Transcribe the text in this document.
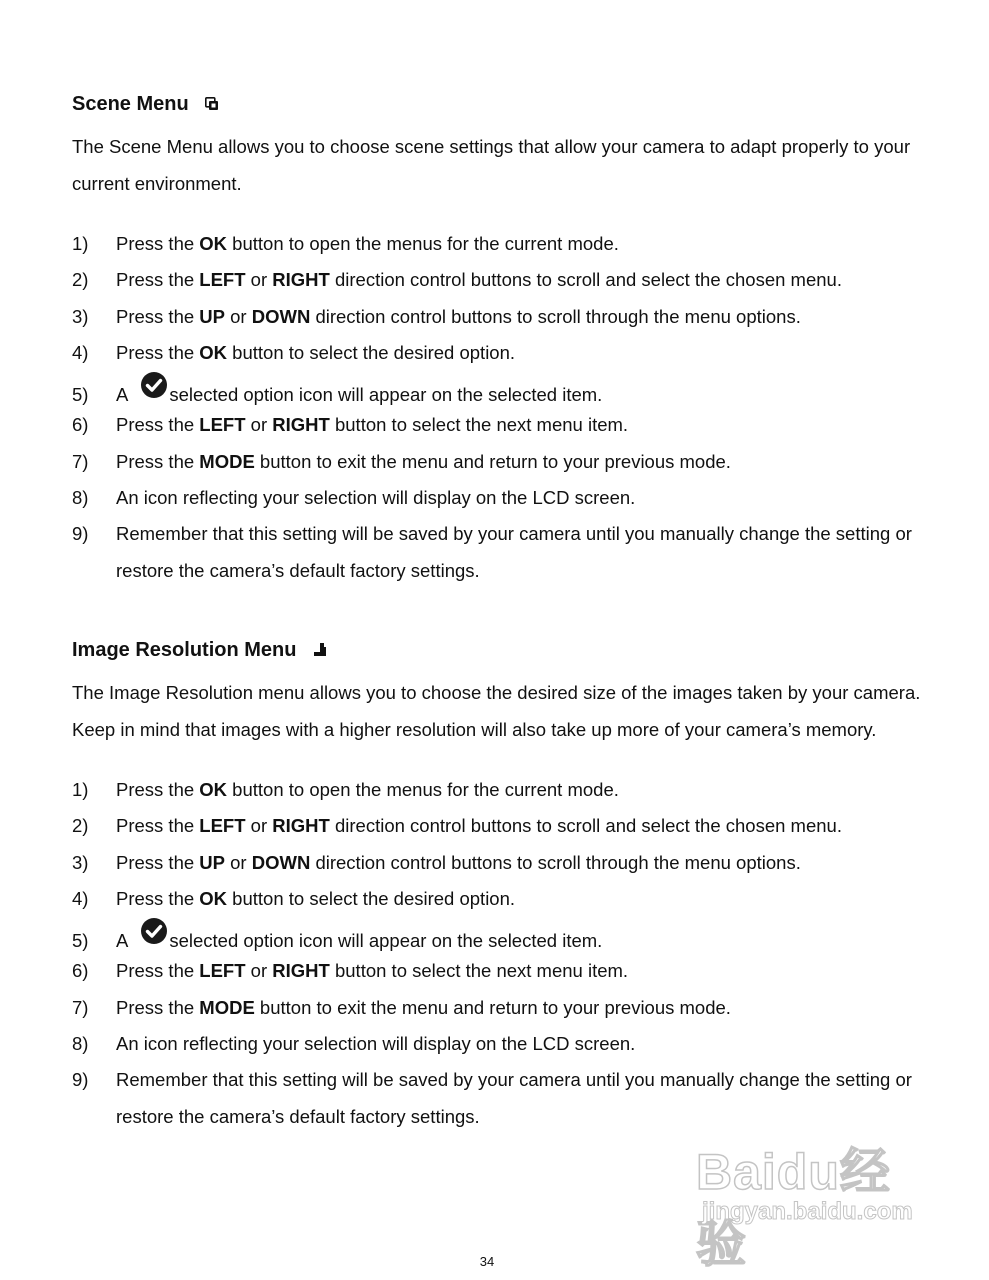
Scene Menu
The Scene Menu allows you to choose scene settings that allow your camera to adapt properly to your current environment.
1) Press the OK button to open the menus for the current mode.
2) Press the LEFT or RIGHT direction control buttons to scroll and select the chosen menu.
3) Press the UP or DOWN direction control buttons to scroll through the menu options.
4) Press the OK button to select the desired option.
5) A selected option icon will appear on the selected item.
6) Press the LEFT or RIGHT button to select the next menu item.
7) Press the MODE button to exit the menu and return to your previous mode.
8) An icon reflecting your selection will display on the LCD screen.
9) Remember that this setting will be saved by your camera until you manually change the setting or restore the camera’s default factory settings.
Image Resolution Menu
The Image Resolution menu allows you to choose the desired size of the images taken by your camera. Keep in mind that images with a higher resolution will also take up more of your camera’s memory.
1) Press the OK button to open the menus for the current mode.
2) Press the LEFT or RIGHT direction control buttons to scroll and select the chosen menu.
3) Press the UP or DOWN direction control buttons to scroll through the menu options.
4) Press the OK button to select the desired option.
5) A selected option icon will appear on the selected item.
6) Press the LEFT or RIGHT button to select the next menu item.
7) Press the MODE button to exit the menu and return to your previous mode.
8) An icon reflecting your selection will display on the LCD screen.
9) Remember that this setting will be saved by your camera until you manually change the setting or restore the camera’s default factory settings.
Baidu经验
jingyan.baidu.com
34
